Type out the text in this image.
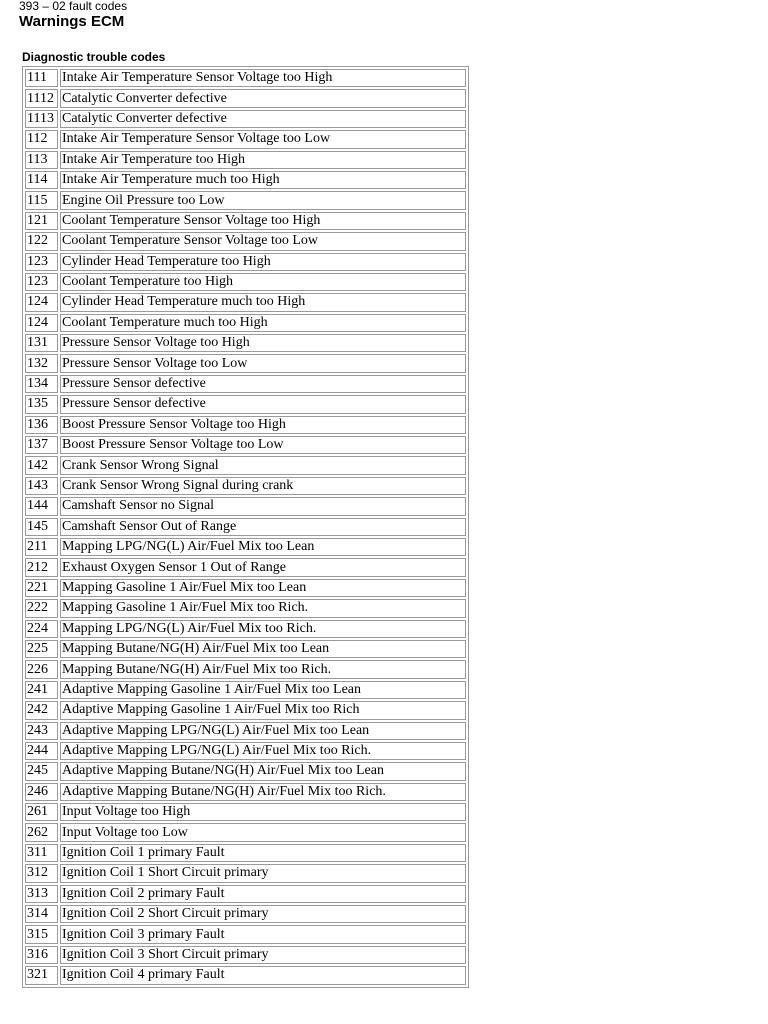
393 – 02 fault codes
Warnings ECM
Diagnostic trouble codes
111	Intake Air Temperature Sensor Voltage too High
1112	Catalytic Converter defective
1113	Catalytic Converter defective
112	Intake Air Temperature Sensor Voltage too Low
113	Intake Air Temperature too High
114	Intake Air Temperature much too High
115	Engine Oil Pressure too Low
121	Coolant Temperature Sensor Voltage too High
122	Coolant Temperature Sensor Voltage too Low
123	Cylinder Head Temperature too High
123	Coolant Temperature too High
124	Cylinder Head Temperature much too High
124	Coolant Temperature much too High
131	Pressure Sensor Voltage too High
132	Pressure Sensor Voltage too Low
134	Pressure Sensor defective
135	Pressure Sensor defective
136	Boost Pressure Sensor Voltage too High
137	Boost Pressure Sensor Voltage too Low
142	Crank Sensor Wrong Signal
143	Crank Sensor Wrong Signal during crank
144	Camshaft Sensor no Signal
145	Camshaft Sensor Out of Range
211	Mapping LPG/NG(L) Air/Fuel Mix too Lean
212	Exhaust Oxygen Sensor 1 Out of Range
221	Mapping Gasoline 1 Air/Fuel Mix too Lean
222	Mapping Gasoline 1 Air/Fuel Mix too Rich.
224	Mapping LPG/NG(L) Air/Fuel Mix too Rich.
225	Mapping Butane/NG(H) Air/Fuel Mix too Lean
226	Mapping Butane/NG(H) Air/Fuel Mix too Rich.
241	Adaptive Mapping Gasoline 1 Air/Fuel Mix too Lean
242	Adaptive Mapping Gasoline 1 Air/Fuel Mix too Rich
243	Adaptive Mapping LPG/NG(L) Air/Fuel Mix too Lean
244	Adaptive Mapping LPG/NG(L) Air/Fuel Mix too Rich.
245	Adaptive Mapping Butane/NG(H) Air/Fuel Mix too Lean
246	Adaptive Mapping Butane/NG(H) Air/Fuel Mix too Rich.
261	Input Voltage too High
262	Input Voltage too Low
311	Ignition Coil 1 primary Fault
312	Ignition Coil 1 Short Circuit primary
313	Ignition Coil 2 primary Fault
314	Ignition Coil 2 Short Circuit primary
315	Ignition Coil 3 primary Fault
316	Ignition Coil 3 Short Circuit primary
321	Ignition Coil 4 primary Fault
